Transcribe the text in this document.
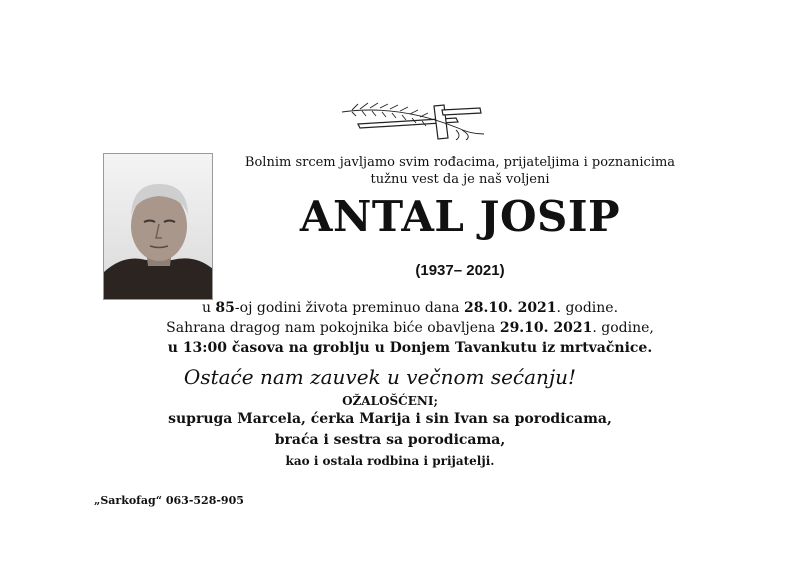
Bolnim srcem javljamo svim rođacima, prijateljima i poznanicima
tužnu vest da je naš voljeni
ANTAL JOSIP
(1937– 2021)
u 85-oj godini života preminuo dana 28.10. 2021. godine.
Sahrana dragog nam pokojnika biće obavljena 29.10. 2021. godine,
u 13:00 časova na groblju u Donjem Tavankutu iz mrtvačnice.
Ostaće nam zauvek u večnom sećanju!
OŽALOŠĆENI;
supruga Marcela, ćerka Marija i sin Ivan sa porodicama,
braća i sestra sa porodicama,
kao i ostala rodbina i prijatelji.
„Sarkofag“ 063-528-905
